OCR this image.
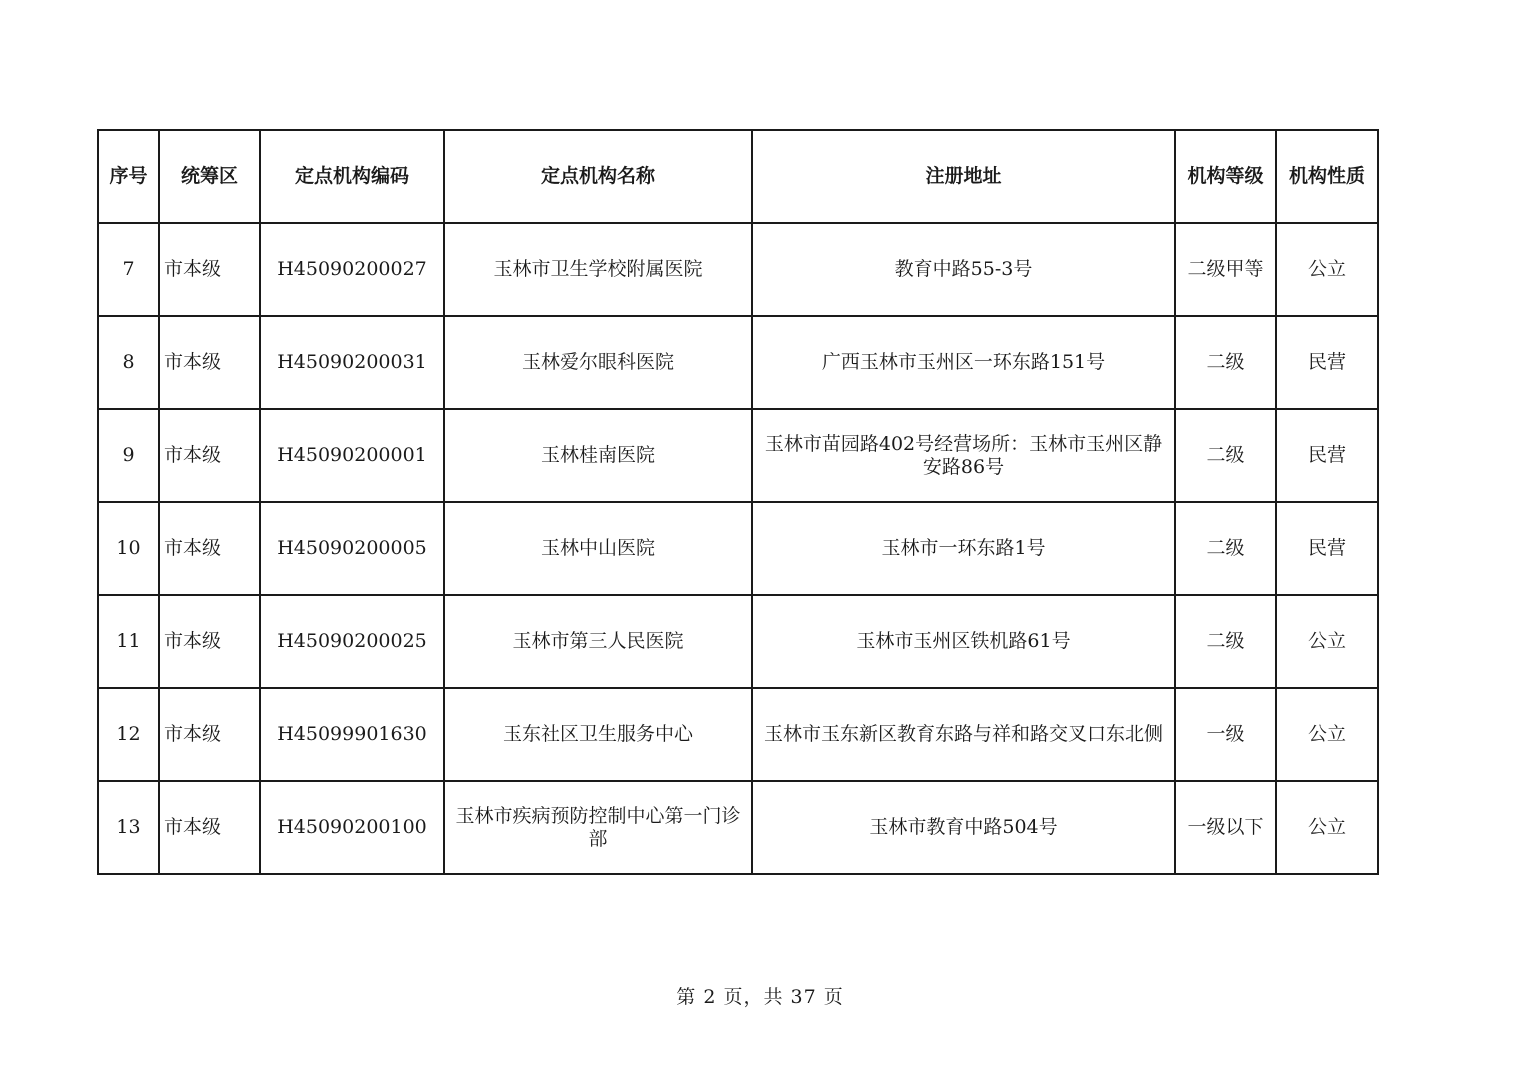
序号	统筹区	定点机构编码	定点机构名称	注册地址	机构等级	机构性质
7	市本级	H45090200027	玉林市卫生学校附属医院	教育中路55-3号	二级甲等	公立
8	市本级	H45090200031	玉林爱尔眼科医院	广西玉林市玉州区一环东路151号	二级	民营
9	市本级	H45090200001	玉林桂南医院	玉林市苗园路402号经营场所：玉林市玉州区静安路86号	二级	民营
10	市本级	H45090200005	玉林中山医院	玉林市一环东路1号	二级	民营
11	市本级	H45090200025	玉林市第三人民医院	玉林市玉州区铁机路61号	二级	公立
12	市本级	H45099901630	玉东社区卫生服务中心	玉林市玉东新区教育东路与祥和路交叉口东北侧	一级	公立
13	市本级	H45090200100	玉林市疾病预防控制中心第一门诊部	玉林市教育中路504号	一级以下	公立
第 2 页，共 37 页
